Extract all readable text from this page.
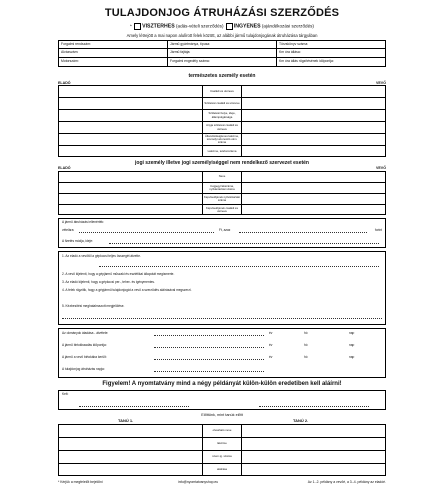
TULAJDONJOG ÁTRUHÁZÁSI SZERZŐDÉS
* VISZTERHES (adás-vételi szerződés) INGYENES (ajándékozási szerződés)
Amely létrejött a mai napon alulírott felek között, az alábbi jármű tulajdonjogának átruházása tárgyában
Forgalmi rendszám:	Jármű gyártmánya, típusa:	Törzskönyv száma:
Alvázszám:	Jármű fajtája:	Km óra állása:
Motorszám:	Forgalmi engedély száma:	Km óra állás rögzítésének időpontja:
természetes személy esetén
ELADÓ	VEVŐ
Családi és utóneve
Születési családi és utóneve
Születési helye, ideje, állampolgársága
Anyja születési családi és utóneve
Állandó/ideiglenes lakcíme, személyi azonosító okm. száma
Lakcíme, telefonszáma
jogi személy illetve jogi személyiséggel nem rendelkező szervezet esetén
ELADÓ	VEVŐ
Neve
Cégjegyzékszáma, nyilvántartási száma
Képviselőjének nyilvántartási száma
Képviselőjének családi és utóneve
A jármű átruházási ellenérték:
vételára:	Ft, azaz	forint
A fizetés módja, ideje:
1. Az eladó a vevőtől a gépkocsi teljes összegét átvette.
2. A vevő kijelenti, hogy a gépjármű műszaki és esztétikai állapotát megismerte.
3. Az eladó kijelenti, hogy a gépkocsi per-, teher- és igénymentes.
4. A felek rögzítik, hogy a gépjármű tulajdonjogát a vevő a szerződés aláírásával megszerzi.
5. Kézbesítési meghatalmazott megjelölése.
Az okmányok átadása - átvétele:
A jármű birtokbaadás időpontja:
A jármű a vevő birtokába került:
A tulajdonjog átruházás napja:
év	hó	nap
év	hó	nap
év	hó	nap
Figyelem! A nyomtatvány mind a négy példányát külön-külön eredetiben kell aláírni!
Kelt:
Előttünk, mint tanúk előtt
TANÚ 1.	TANÚ 2.
olvasható neve
lakcíme
szem.ig. száma
aláírása
* Kérjük a megfelelőt bejelölni	info@nyomtatvanyshop.eu	Az 1.-2. példány a vevőé, a 3.-4. példány az eladóé.
